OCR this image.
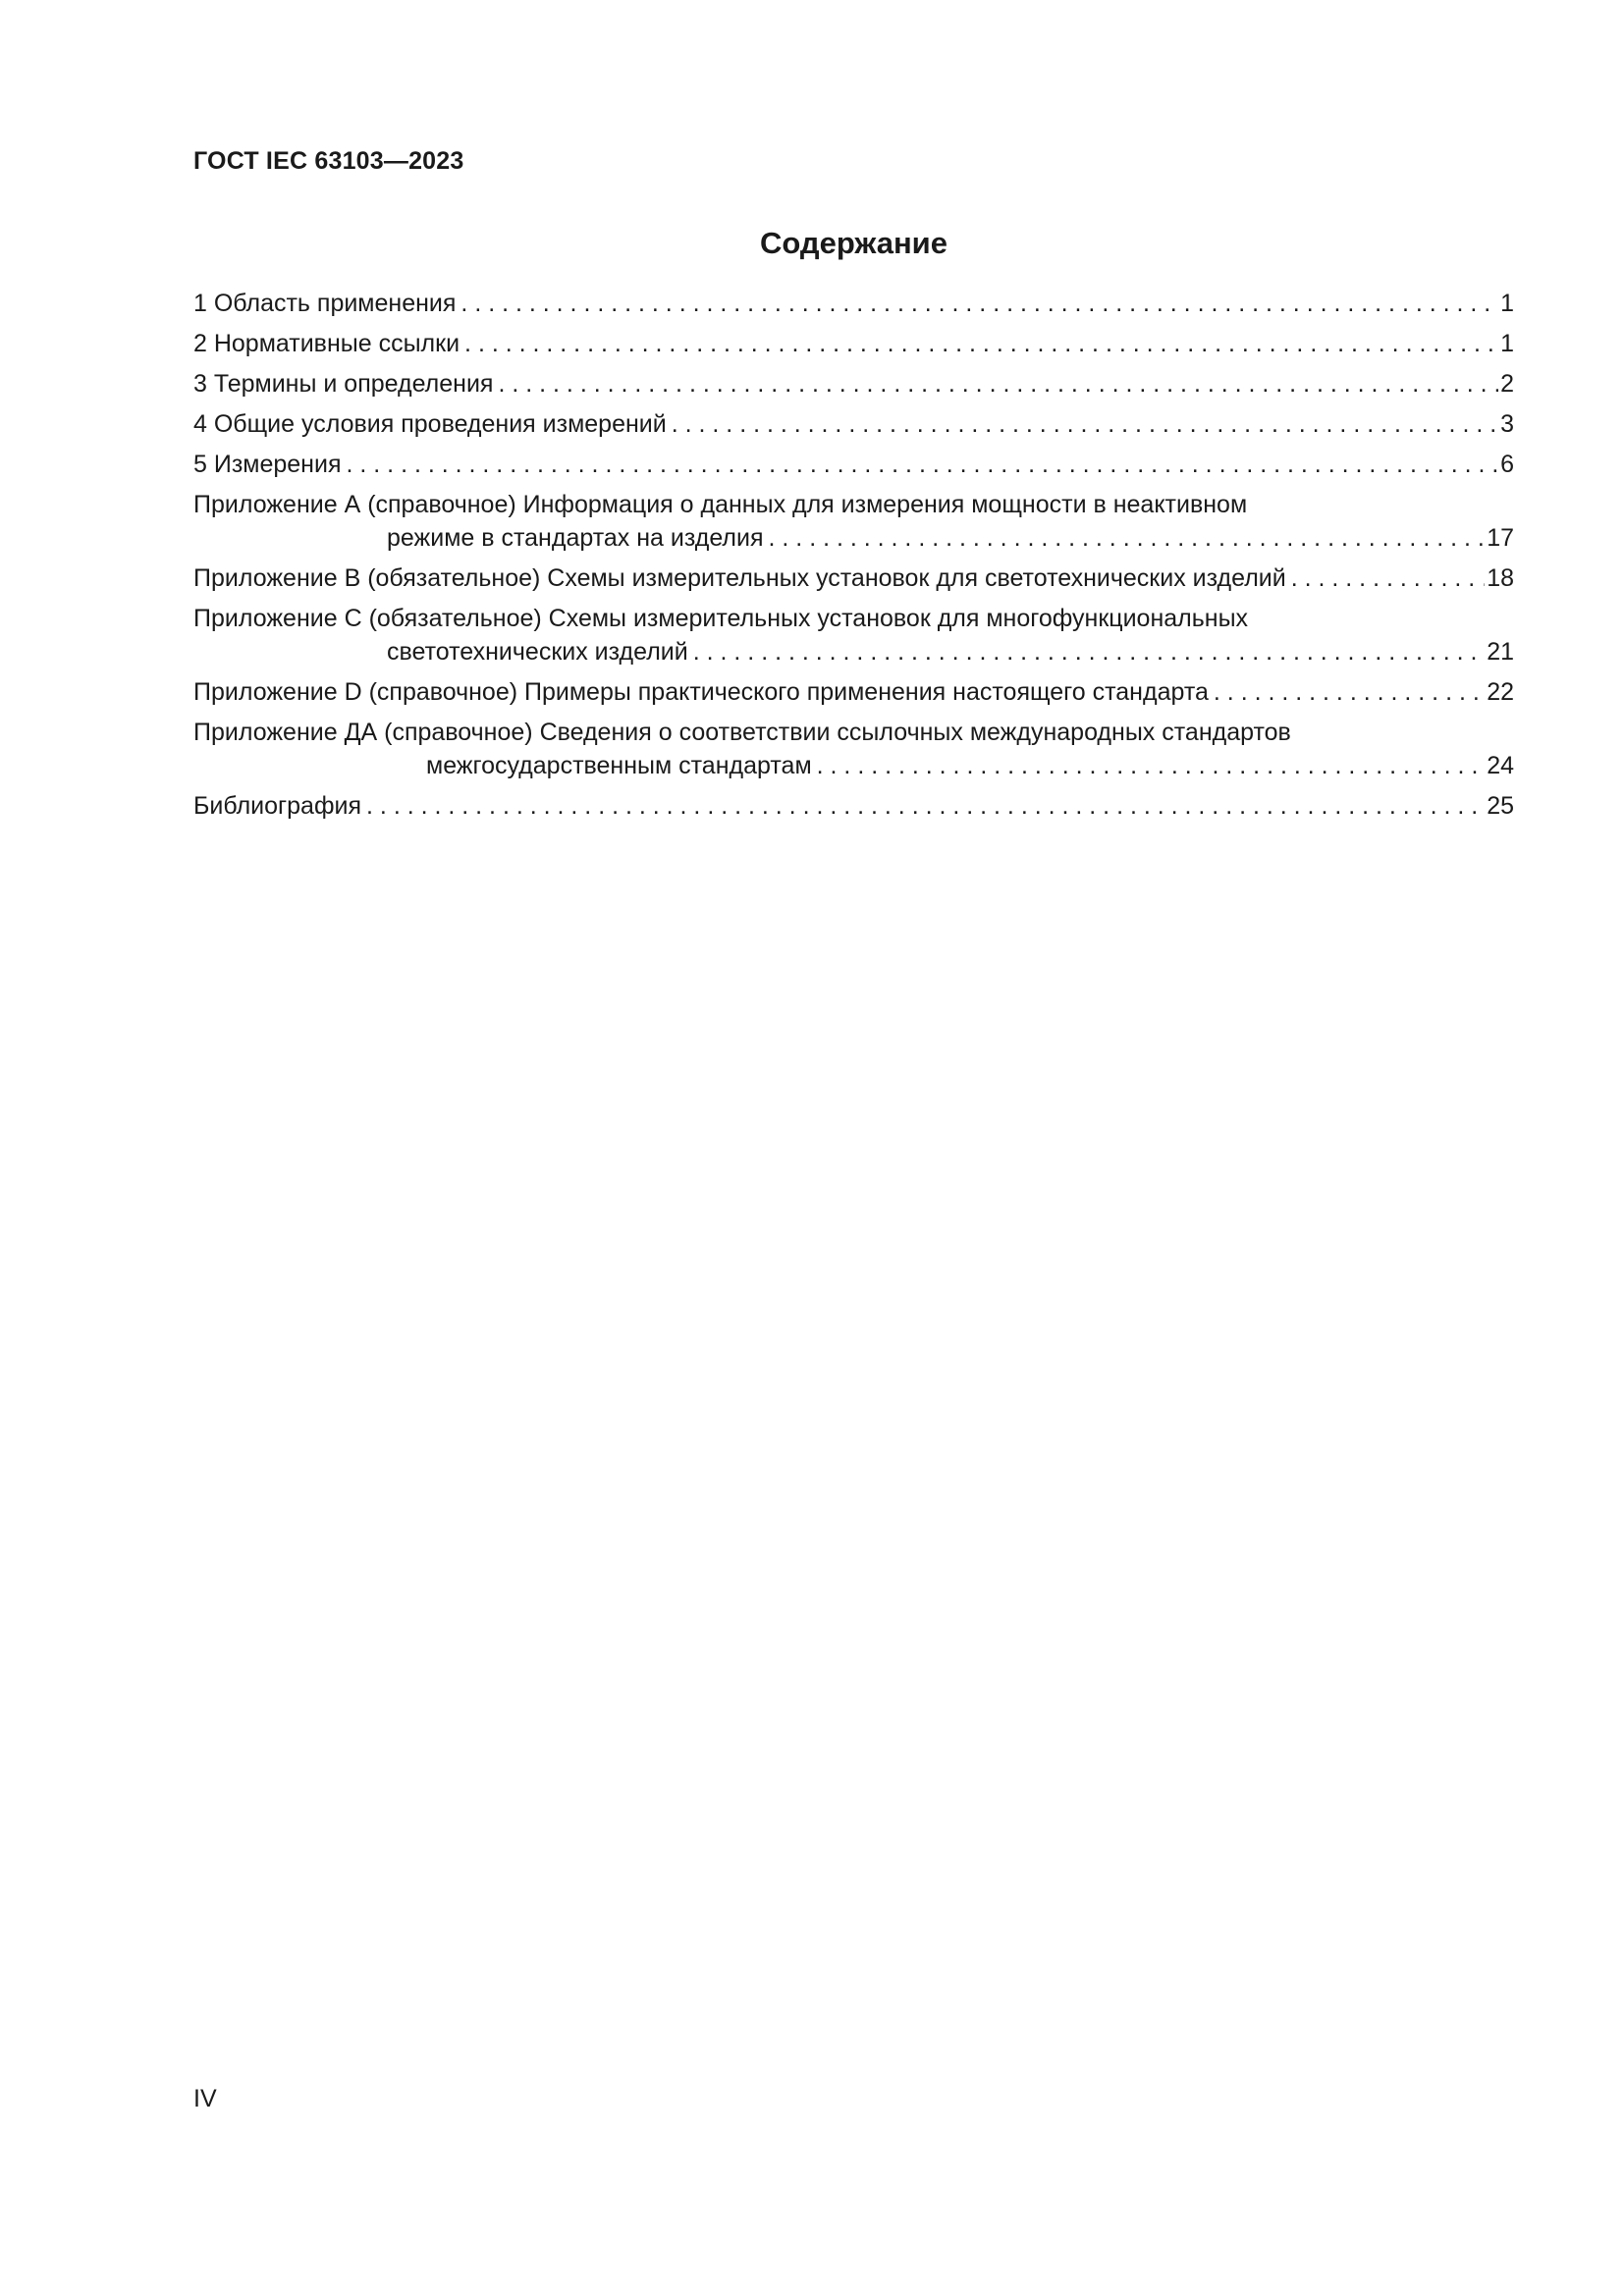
ГОСТ IEC 63103—2023
Содержание
1 Область применения . . .	1
2 Нормативные ссылки . . .	1
3 Термины и определения . . .	2
4 Общие условия проведения измерений . . .	3
5 Измерения . . .	6
Приложение А (справочное) Информация о данных для измерения мощности в неактивном
режиме в стандартах на изделия . . .	17
Приложение В (обязательное) Схемы измерительных установок для светотехнических изделий . . .	18
Приложение С (обязательное) Схемы измерительных установок для многофункциональных
светотехнических изделий . . .	21
Приложение D (справочное) Примеры практического применения настоящего стандарта . . .	22
Приложение ДА (справочное) Сведения о соответствии ссылочных международных стандартов
межгосударственным стандартам . . .	24
Библиография . . .	25
IV
